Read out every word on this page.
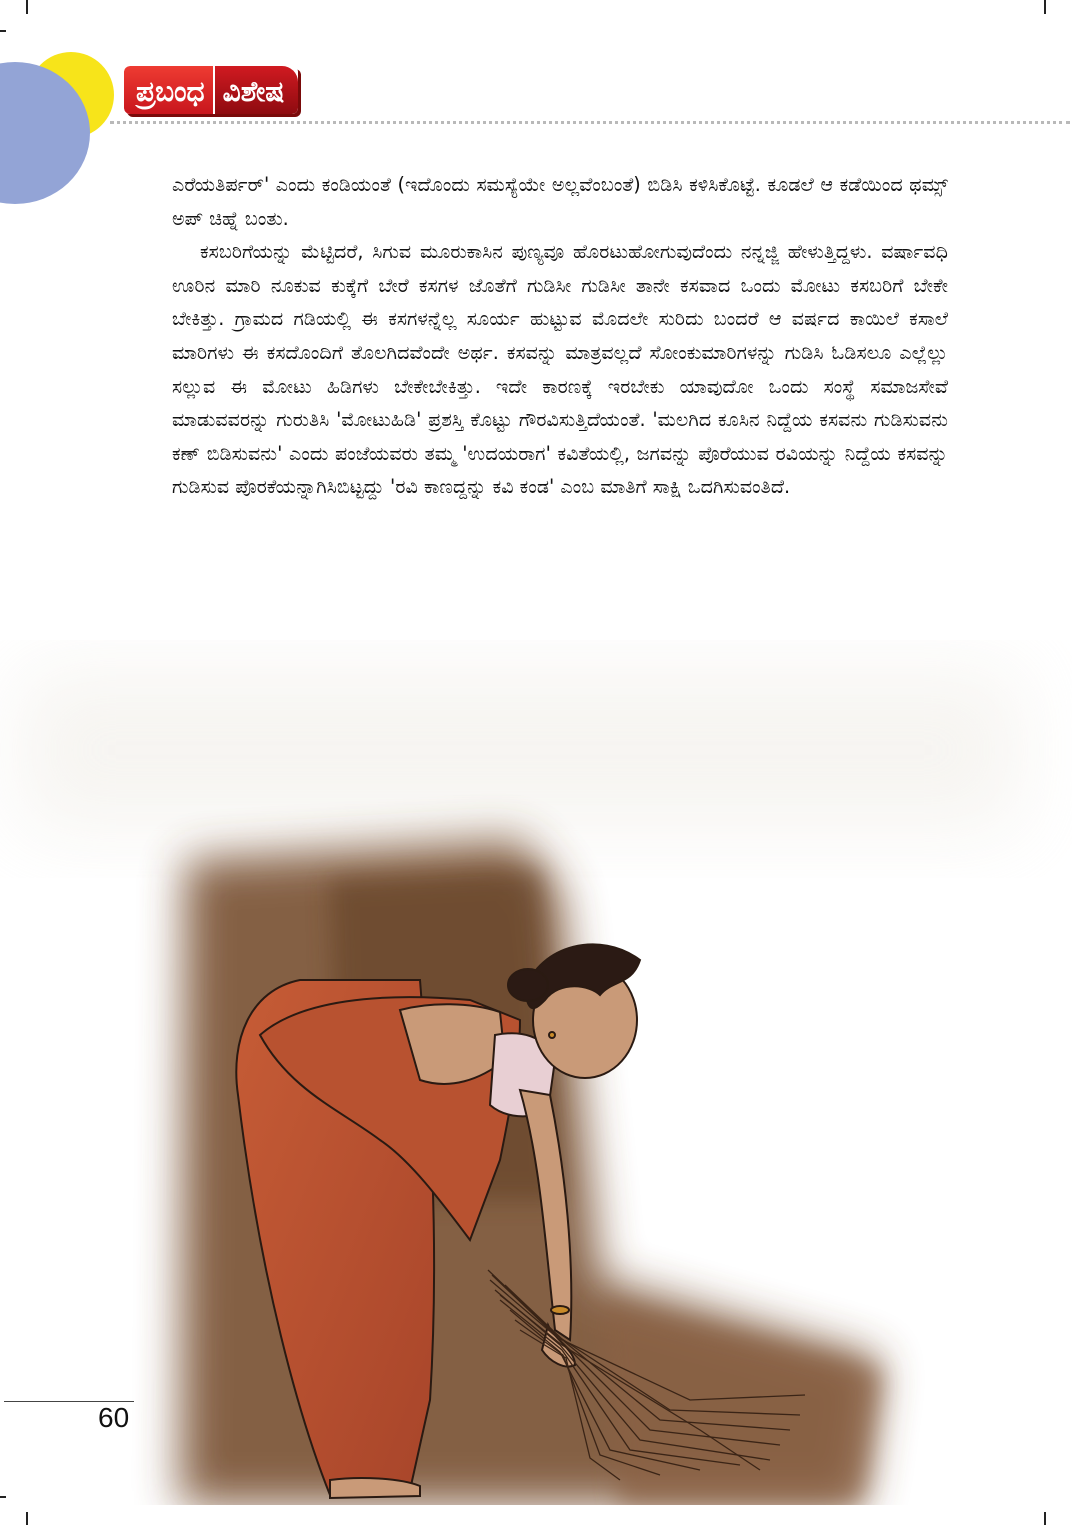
ಪ್ರಬಂಧ ವಿಶೇಷ

ಎರೆಯತಿರ್ಪರ್' ಎಂದು ಕಂಡಿಯಂತೆ (ಇದೊಂದು ಸಮಸ್ಯೆಯೇ ಅಲ್ಲವೆಂಬಂತೆ) ಬಿಡಿಸಿ ಕಳಿಸಿಕೊಟ್ಟೆ. ಕೂಡಲೆ ಆ ಕಡೆಯಿಂದ ಥಮ್ಸ್ ಅಪ್ ಚಿಹ್ನೆ ಬಂತು.

ಕಸಬರಿಗೆಯನ್ನು ಮೆಟ್ಟಿದರೆ, ಸಿಗುವ ಮೂರುಕಾಸಿನ ಪುಣ್ಯವೂ ಹೊರಟುಹೋಗುವುದೆಂದು ನನ್ನಜ್ಜಿ ಹೇಳುತ್ತಿದ್ದಳು. ವರ್ಷಾವಧಿ ಊರಿನ ಮಾರಿ ನೂಕುವ ಕುಕ್ಕೆಗೆ ಬೇರೆ ಕಸಗಳ ಜೊತೆಗೆ ಗುಡಿಸೀ ಗುಡಿಸೀ ತಾನೇ ಕಸವಾದ ಒಂದು ಮೋಟು ಕಸಬರಿಗೆ ಬೇಕೇ ಬೇಕಿತ್ತು. ಗ್ರಾಮದ ಗಡಿಯಲ್ಲಿ ಈ ಕಸಗಳನ್ನೆಲ್ಲ ಸೂರ್ಯ ಹುಟ್ಟುವ ಮೊದಲೇ ಸುರಿದು ಬಂದರೆ ಆ ವರ್ಷದ ಕಾಯಿಲೆ ಕಸಾಲೆ ಮಾರಿಗಳು ಈ ಕಸದೊಂದಿಗೆ ತೊಲಗಿದವೆಂದೇ ಅರ್ಥ. ಕಸವನ್ನು ಮಾತ್ರವಲ್ಲದೆ ಸೋಂಕುಮಾರಿಗಳನ್ನು ಗುಡಿಸಿ ಓಡಿಸಲೂ ಎಲ್ಲೆಲ್ಲು ಸಲ್ಲುವ ಈ ಮೋಟು ಹಿಡಿಗಳು ಬೇಕೇಬೇಕಿತ್ತು. ಇದೇ ಕಾರಣಕ್ಕೆ ಇರಬೇಕು ಯಾವುದೋ ಒಂದು ಸಂಸ್ಥೆ ಸಮಾಜಸೇವೆ ಮಾಡುವವರನ್ನು ಗುರುತಿಸಿ 'ಮೋಟುಹಿಡಿ' ಪ್ರಶಸ್ತಿ ಕೊಟ್ಟು ಗೌರವಿಸುತ್ತಿದೆಯಂತೆ. 'ಮಲಗಿದ ಕೂಸಿನ ನಿದ್ದೆಯ ಕಸವನು ಗುಡಿಸುವನು ಕಣ್ ಬಿಡಿಸುವನು' ಎಂದು ಪಂಜೆಯವರು ತಮ್ಮ 'ಉದಯರಾಗ' ಕವಿತೆಯಲ್ಲಿ, ಜಗವನ್ನು ಪೊರೆಯುವ ರವಿಯನ್ನು ನಿದ್ದೆಯ ಕಸವನ್ನು ಗುಡಿಸುವ ಪೊರಕೆಯನ್ನಾಗಿಸಿಬಿಟ್ಟದ್ದು 'ರವಿ ಕಾಣದ್ದನ್ನು ಕವಿ ಕಂಡ' ಎಂಬ ಮಾತಿಗೆ ಸಾಕ್ಷಿ ಒದಗಿಸುವಂತಿದೆ.

60
